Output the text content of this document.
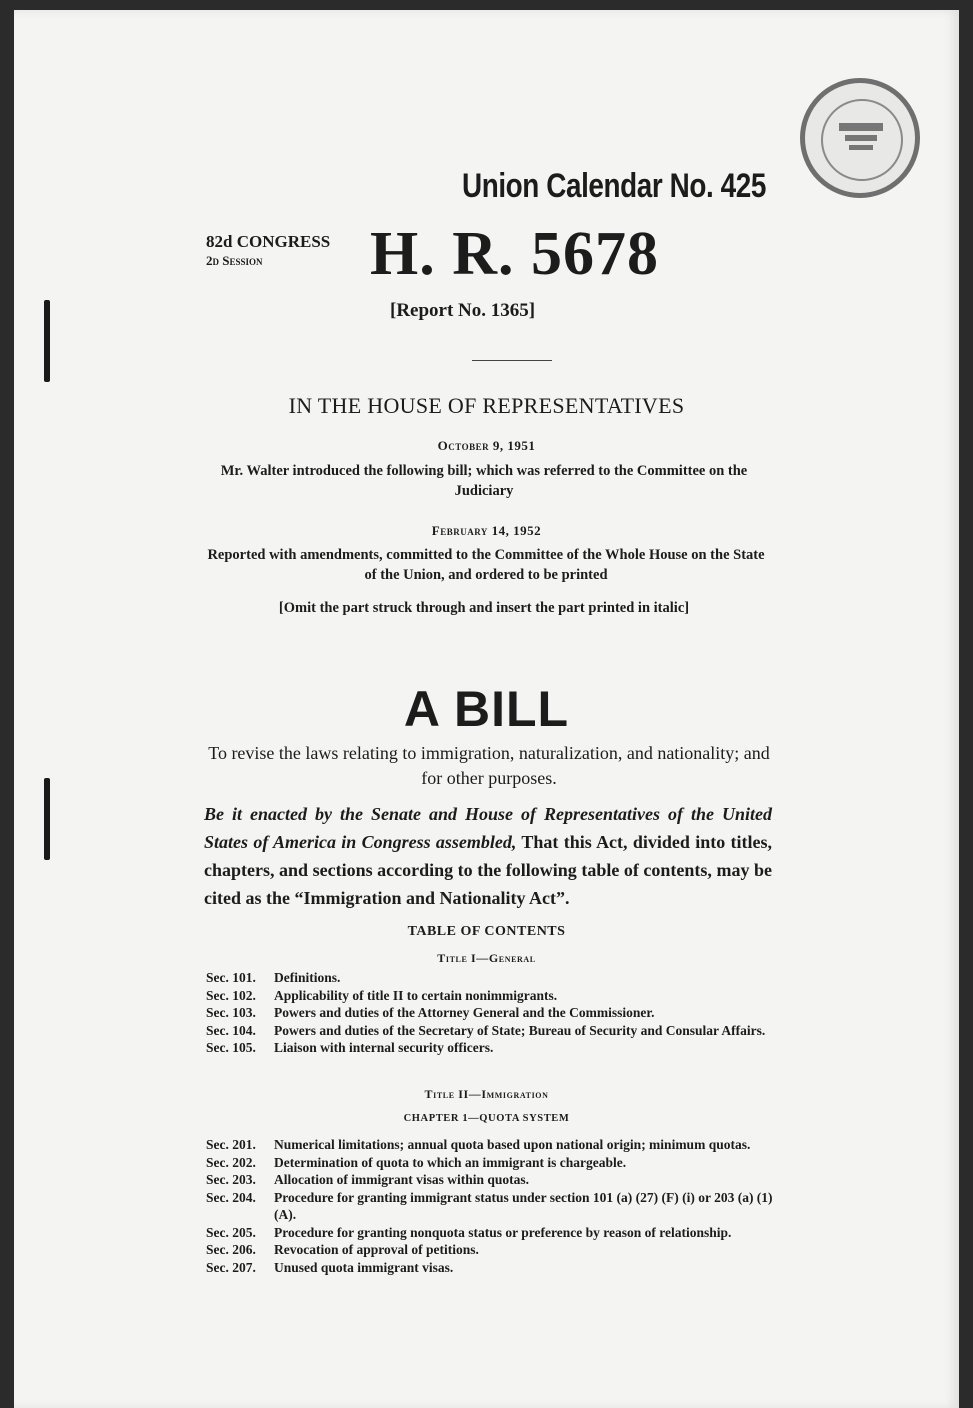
Union Calendar No. 425
82d CONGRESS
2d Session	H. R. 5678
[Report No. 1365]
IN THE HOUSE OF REPRESENTATIVES
October 9, 1951
Mr. Walter introduced the following bill; which was referred to the Committee on the Judiciary
February 14, 1952
Reported with amendments, committed to the Committee of the Whole House on the State of the Union, and ordered to be printed
[Omit the part struck through and insert the part printed in italic]
A BILL
To revise the laws relating to immigration, naturalization, and nationality; and for other purposes.
Be it enacted by the Senate and House of Representatives of the United States of America in Congress assembled, That this Act, divided into titles, chapters, and sections according to the following table of contents, may be cited as the “Immigration and Nationality Act”.
TABLE OF CONTENTS
Title I—General
Sec. 101.	Definitions.
Sec. 102.	Applicability of title II to certain nonimmigrants.
Sec. 103.	Powers and duties of the Attorney General and the Commissioner.
Sec. 104.	Powers and duties of the Secretary of State; Bureau of Security and Consular Affairs.
Sec. 105.	Liaison with internal security officers.
Title II—Immigration
CHAPTER 1—QUOTA SYSTEM
Sec. 201.	Numerical limitations; annual quota based upon national origin; minimum quotas.
Sec. 202.	Determination of quota to which an immigrant is chargeable.
Sec. 203.	Allocation of immigrant visas within quotas.
Sec. 204.	Procedure for granting immigrant status under section 101 (a) (27) (F) (i) or 203 (a) (1) (A).
Sec. 205.	Procedure for granting nonquota status or preference by reason of relationship.
Sec. 206.	Revocation of approval of petitions.
Sec. 207.	Unused quota immigrant visas.
